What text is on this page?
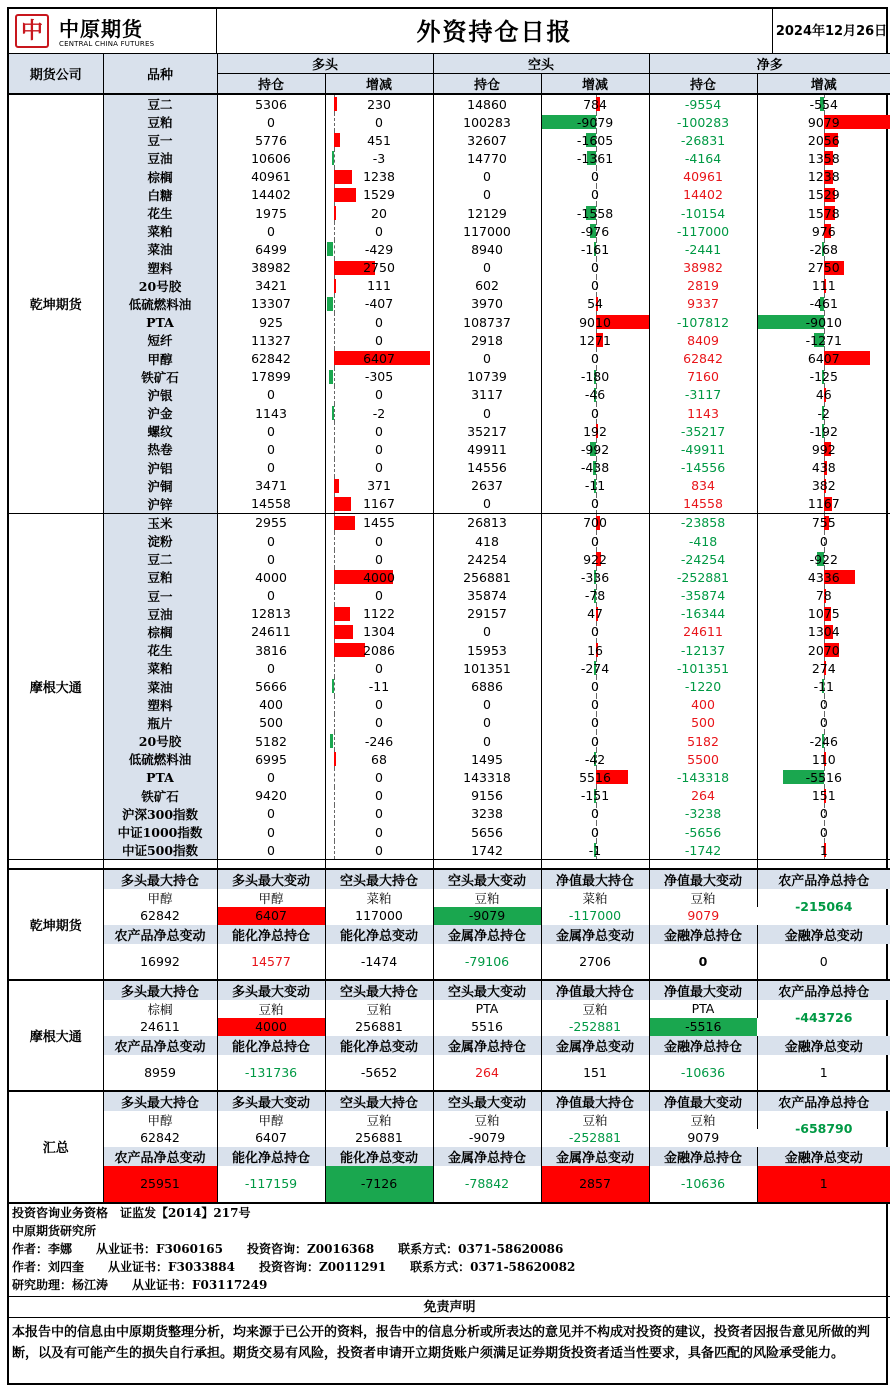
中 中原期货
CENTRAL CHINA FUTURES	外资持仓日报	2024年12月26日
期货公司	品种	多头		空头		净多	
		持仓	增减	持仓	增减	持仓	增减
乾坤期货	豆二	5306	230	14860	784	-9554	-554
	豆粕	0	0	100283	-9079	-100283	9079
	豆一	5776	451	32607	-1605	-26831	2056
	豆油	10606	-3	14770	-1361	-4164	1358
	棕榈	40961	1238	0	0	40961	1238
	白糖	14402	1529	0	0	14402	1529
	花生	1975	20	12129	-1558	-10154	1578
	菜粕	0	0	117000	-976	-117000	976
	菜油	6499	-429	8940	-161	-2441	-268
	塑料	38982	2750	0	0	38982	2750
	20号胶	3421	111	602	0	2819	111
	低硫燃料油	13307	-407	3970	54	9337	-461
	PTA	925	0	108737	9010	-107812	-9010
	短纤	11327	0	2918	1271	8409	-1271
	甲醇	62842	6407	0	0	62842	6407
	铁矿石	17899	-305	10739	-180	7160	-125
	沪银	0	0	3117	-46	-3117	46
	沪金	1143	-2	0	0	1143	-2
	螺纹	0	0	35217	192	-35217	-192
	热卷	0	0	49911	-992	-49911	992
	沪铝	0	0	14556	-438	-14556	438
	沪铜	3471	371	2637	-11	834	382
	沪锌	14558	1167	0	0	14558	1167
摩根大通	玉米	2955	1455	26813	700	-23858	755
	淀粉	0	0	418	0	-418	0
	豆二	0	0	24254	922	-24254	-922
	豆粕	4000	4000	256881	-336	-252881	4336
	豆一	0	0	35874	-78	-35874	78
	豆油	12813	1122	29157	47	-16344	1075
	棕榈	24611	1304	0	0	24611	1304
	花生	3816	2086	15953	16	-12137	2070
	菜粕	0	0	101351	-274	-101351	274
	菜油	5666	-11	6886	0	-1220	-11
	塑料	400	0	0	0	400	0
	瓶片	500	0	0	0	500	0
	20号胶	5182	-246	0	0	5182	-246
	低硫燃料油	6995	68	1495	-42	5500	110
	PTA	0	0	143318	5516	-143318	-5516
	铁矿石	9420	0	9156	-151	264	151
	沪深300指数	0	0	3238	0	-3238	0
	中证1000指数	0	0	5656	0	-5656	0
	中证500指数	0	0	1742	-1	-1742	1

乾坤期货	多头最大持仓	多头最大变动	空头最大持仓	空头最大变动	净值最大持仓	净值最大变动	农产品净总持仓
	甲醇	甲醇	菜粕	豆粕	菜粕	豆粕	-215064
	62842	6407	117000	-9079	-117000	9079	
	农产品净总变动	能化净总持仓	能化净总变动	金属净总持仓	金属净总变动	金融净总持仓	金融净总变动
	16992	14577	-1474	-79106	2706	0	0
摩根大通	多头最大持仓	多头最大变动	空头最大持仓	空头最大变动	净值最大持仓	净值最大变动	农产品净总持仓
	棕榈	豆粕	豆粕	PTA	豆粕	PTA	-443726
	24611	4000	256881	5516	-252881	-5516	
	农产品净总变动	能化净总持仓	能化净总变动	金属净总持仓	金属净总变动	金融净总持仓	金融净总变动
	8959	-131736	-5652	264	151	-10636	1
汇总	多头最大持仓	多头最大变动	空头最大持仓	空头最大变动	净值最大持仓	净值最大变动	农产品净总持仓
	甲醇	甲醇	豆粕	豆粕	豆粕	豆粕	-658790
	62842	6407	256881	-9079	-252881	9079	
	农产品净总变动	能化净总持仓	能化净总变动	金属净总持仓	金属净总变动	金融净总持仓	金融净总变动
	25951	-117159	-7126	-78842	2857	-10636	1
投资咨询业务资格　证监发【2014】217号
中原期货研究所
作者：李娜　　从业证书：F3060165　　投资咨询：Z0016368　　联系方式：0371-58620086
作者：刘四奎　　从业证书：F3033884　　投资咨询：Z0011291　　联系方式：0371-58620082
研究助理：杨江涛　　从业证书：F03117249
免责声明
本报告中的信息由中原期货整理分析，均来源于已公开的资料，报告中的信息分析或所表达的意见并不构成对投资的建议，投资者因报告意见所做的判断，以及有可能产生的损失自行承担。期货交易有风险，投资者申请开立期货账户须满足证券期货投资者适当性要求，具备匹配的风险承受能力。
